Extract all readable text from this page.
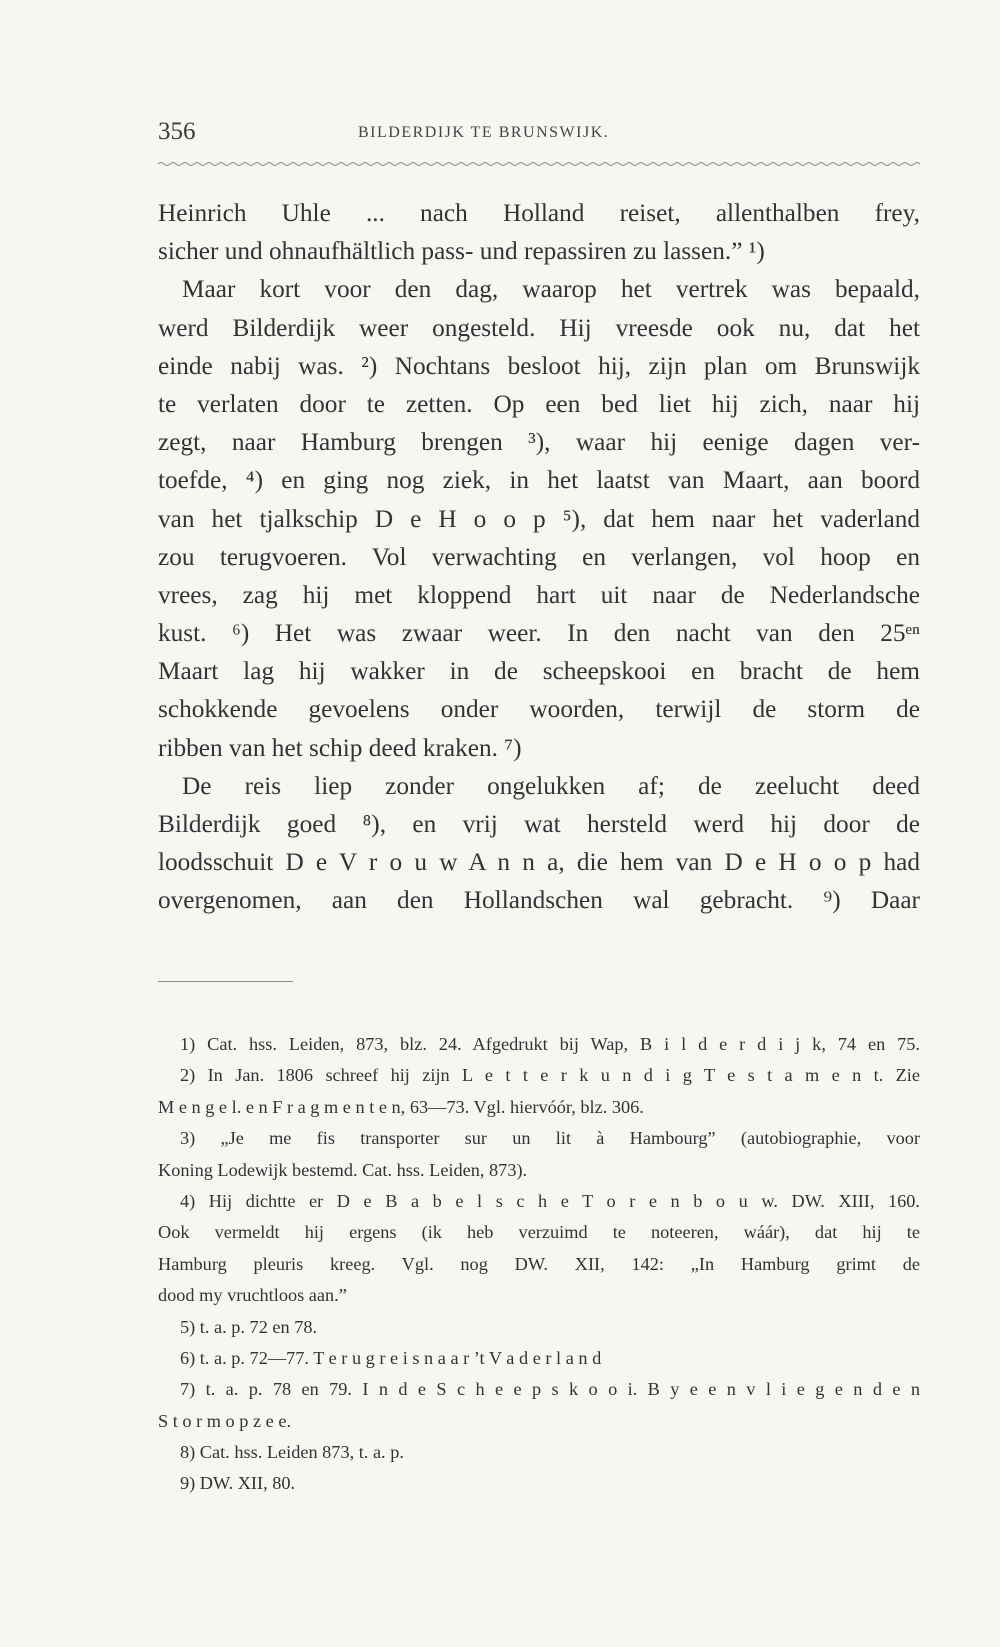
356	BILDERDIJK TE BRUNSWIJK.
Heinrich Uhle ... nach Holland reiset, allenthalben frey,
sicher und ohnaufhältlich pass- und repassiren zu lassen.” ¹)
Maar kort voor den dag, waarop het vertrek was bepaald,
werd Bilderdijk weer ongesteld. Hij vreesde ook nu, dat het
einde nabij was. ²) Nochtans besloot hij, zijn plan om Brunswijk
te verlaten door te zetten. Op een bed liet hij zich, naar hij
zegt, naar Hamburg brengen ³), waar hij eenige dagen ver-
toefde, ⁴) en ging nog ziek, in het laatst van Maart, aan boord
van het tjalkschip D e H o o p ⁵), dat hem naar het vaderland
zou terugvoeren. Vol verwachting en verlangen, vol hoop en
vrees, zag hij met kloppend hart uit naar de Nederlandsche
kust. ⁶) Het was zwaar weer. In den nacht van den 25ᵉⁿ
Maart lag hij wakker in de scheepskooi en bracht de hem
schokkende gevoelens onder woorden, terwijl de storm de
ribben van het schip deed kraken. ⁷)
De reis liep zonder ongelukken af; de zeelucht deed
Bilderdijk goed ⁸), en vrij wat hersteld werd hij door de
loodsschuit D e V r o u w A n n a, die hem van D e H o o p had
overgenomen, aan den Hollandschen wal gebracht. ⁹) Daar
1) Cat. hss. Leiden, 873, blz. 24. Afgedrukt bij Wap, B i l d e r d i j k, 74 en 75.
2) In Jan. 1806 schreef hij zijn L e t t e r k u n d i g T e s t a m e n t. Zie
M e n g e l. e n F r a g m e n t e n, 63—73. Vgl. hiervóór, blz. 306.
3) „Je me fis transporter sur un lit à Hambourg” (autobiographie, voor
Koning Lodewijk bestemd. Cat. hss. Leiden, 873).
4) Hij dichtte er D e B a b e l s c h e T o r e n b o u w. DW. XIII, 160.
Ook vermeldt hij ergens (ik heb verzuimd te noteeren, wáár), dat hij te
Hamburg pleuris kreeg. Vgl. nog DW. XII, 142: „In Hamburg grimt de
dood my vruchtloos aan.”
5) t. a. p. 72 en 78.
6) t. a. p. 72—77. T e r u g r e i s n a a r ’t V a d e r l a n d
7) t. a. p. 78 en 79. I n d e S c h e e p s k o o i. B y e e n v l i e g e n d e n
S t o r m o p z e e.
8) Cat. hss. Leiden 873, t. a. p.
9) DW. XII, 80.
